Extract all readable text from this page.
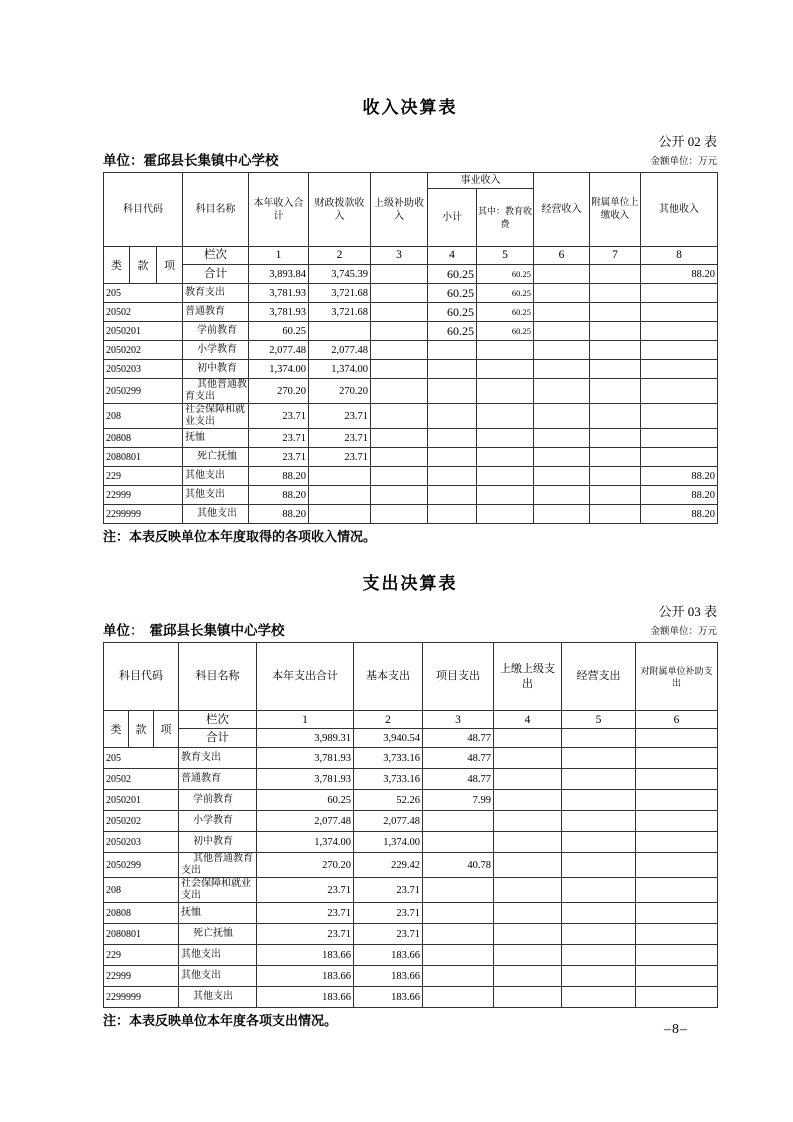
收入决算表
公开 02 表
单位：霍邱县长集镇中心学校	金额单位：万元
科目代码			科目名称	本年收入合计	财政拨款收入	上级补助收入	事业收入		经营收入	附属单位上缴收入	其他收入
							小计	其中：教育收费			
类	款	项	栏次	1	2	3	4	5	6	7	8
			合计	3,893.84	3,745.39		60.25	60.25			88.20
205			教育支出	3,781.93	3,721.68		60.25	60.25			
20502			普通教育	3,781.93	3,721.68		60.25	60.25			
2050201			学前教育	60.25			60.25	60.25			
2050202			小学教育	2,077.48	2,077.48						
2050203			初中教育	1,374.00	1,374.00						
2050299			其他普通教育支出	270.20	270.20						
208			社会保障和就业支出	23.71	23.71						
20808			抚恤	23.71	23.71						
2080801			死亡抚恤	23.71	23.71						
229			其他支出	88.20							88.20
22999			其他支出	88.20							88.20
2299999			其他支出	88.20							88.20
注：本表反映单位本年度取得的各项收入情况。
支出决算表
公开 03 表
单位： 霍邱县长集镇中心学校	金额单位：万元
科目代码			科目名称	本年支出合计	基本支出	项目支出	上缴上级支出	经营支出	对附属单位补助支出
类	款	项	栏次	1	2	3	4	5	6
			合计	3,989.31	3,940.54	48.77			
205			教育支出	3,781.93	3,733.16	48.77			
20502			普通教育	3,781.93	3,733.16	48.77			
2050201			学前教育	60.25	52.26	7.99			
2050202			小学教育	2,077.48	2,077.48				
2050203			初中教育	1,374.00	1,374.00				
2050299			其他普通教育支出	270.20	229.42	40.78			
208			社会保障和就业支出	23.71	23.71				
20808			抚恤	23.71	23.71				
2080801			死亡抚恤	23.71	23.71				
229			其他支出	183.66	183.66				
22999			其他支出	183.66	183.66				
2299999			其他支出	183.66	183.66				
注：本表反映单位本年度各项支出情况。
–8–
